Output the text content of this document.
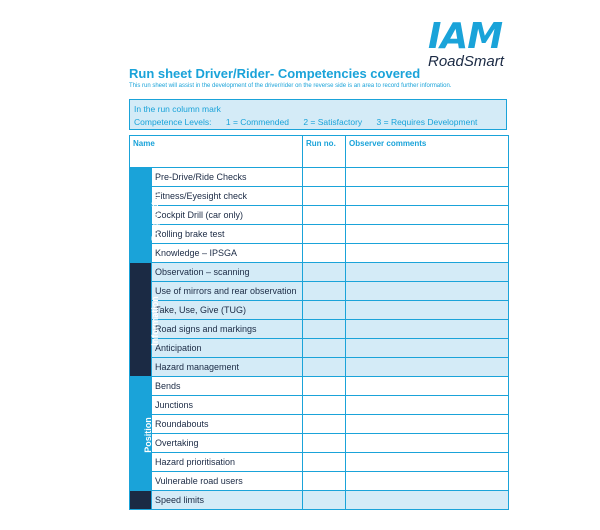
IAM
RoadSmart
Run sheet Driver/Rider- Competencies covered
This run sheet will assist in the development of the driver/rider on the reverse side is an area to record further information.
In the run column mark
Competence Levels: 1 = Commended 2 = Satisfactory 3 = Requires Development
Name		Run no.	Observer comments
Preparation	Pre-Drive/Ride Checks		
	Fitness/Eyesight check		
	Cockpit Drill (car only)		
	Rolling brake test		
	Knowledge – IPSGA		
Information	Observation – scanning		
	Use of mirrors and rear observation		
	Take, Use, Give (TUG)		
	Road signs and markings		
	Anticipation		
	Hazard management		
Position	Bends		
	Junctions		
	Roundabouts		
	Overtaking		
	Hazard prioritisation		
	Vulnerable road users		
	Speed limits		
